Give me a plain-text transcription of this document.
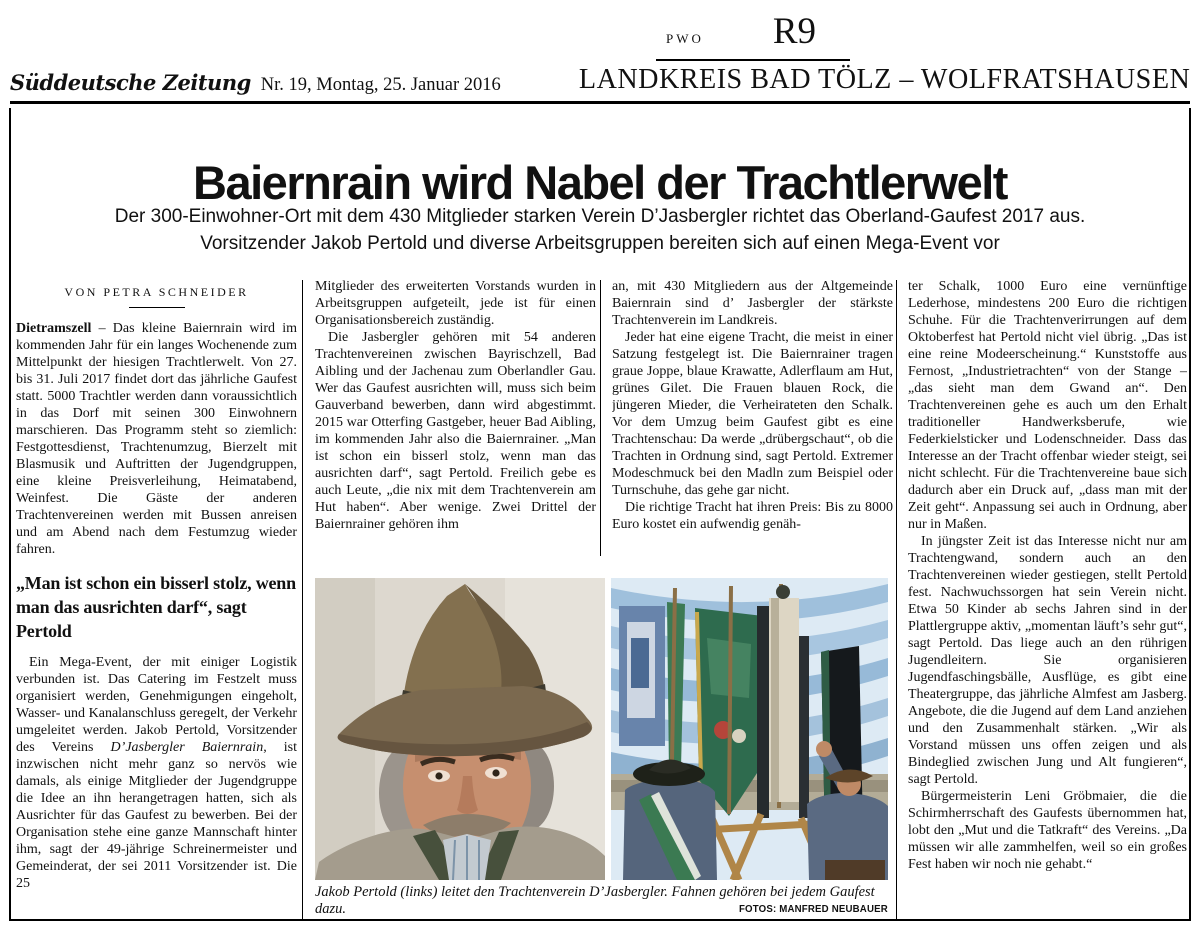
PWO R9
Süddeutsche Zeitung Nr. 19, Montag, 25. Januar 2016	LANDKREIS BAD TÖLZ – WOLFRATSHAUSEN
Baiernrain wird Nabel der Trachtlerwelt
Der 300-Einwohner-Ort mit dem 430 Mitglieder starken Verein D’Jasbergler richtet das Oberland-Gaufest 2017 aus.
Vorsitzender Jakob Pertold und diverse Arbeitsgruppen bereiten sich auf einen Mega-Event vor
VON PETRA SCHNEIDER

Dietramszell – Das kleine Baiernrain wird im kommenden Jahr für ein langes Wochenende zum Mittelpunkt der hiesigen Trachtlerwelt. Von 27. bis 31. Juli 2017 findet dort das jährliche Gaufest statt. 5000 Trachtler werden dann voraussichtlich in das Dorf mit seinen 300 Einwohnern marschieren. Das Programm steht so ziemlich: Festgottesdienst, Trachtenumzug, Bierzelt mit Blasmusik und Auftritten der Jugendgruppen, eine kleine Preisverleihung, Heimatabend, Weinfest. Die Gäste der anderen Trachtenvereinen werden mit Bussen anreisen und am Abend nach dem Festumzug wieder fahren.

„Man ist schon ein bisserl stolz, wenn man das ausrichten darf“, sagt Pertold

Ein Mega-Event, der mit einiger Logistik verbunden ist. Das Catering im Festzelt muss organisiert werden, Genehmigungen eingeholt, Wasser- und Kanalanschluss geregelt, der Verkehr umgeleitet werden. Jakob Pertold, Vorsitzender des Vereins D’Jasbergler Baiernrain, ist inzwischen nicht mehr ganz so nervös wie damals, als einige Mitglieder der Jugendgruppe die Idee an ihn herangetragen hatten, sich als Ausrichter für das Gaufest zu bewerben. Bei der Organisation stehe eine ganze Mannschaft hinter ihm, sagt der 49-jährige Schreinermeister und Gemeinderat, der sei 2011 Vorsitzender ist. Die 25

Mitglieder des erweiterten Vorstands wurden in Arbeitsgruppen aufgeteilt, jede ist für einen Organisationsbereich zuständig.

Die Jasbergler gehören mit 54 anderen Trachtenvereinen zwischen Bayrischzell, Bad Aibling und der Jachenau zum Oberlandler Gau. Wer das Gaufest ausrichten will, muss sich beim Gauverband bewerben, dann wird abgestimmt. 2015 war Otterfing Gastgeber, heuer Bad Aibling, im kommenden Jahr also die Baiernrainer. „Man ist schon ein bisserl stolz, wenn man das ausrichten darf“, sagt Pertold. Freilich gebe es auch Leute, „die nix mit dem Trachtenverein am Hut haben“. Aber wenige. Zwei Drittel der Baiernrainer gehören ihm

an, mit 430 Mitgliedern aus der Altgemeinde Baiernrain sind d’ Jasbergler der stärkste Trachtenverein im Landkreis.

Jeder hat eine eigene Tracht, die meist in einer Satzung festgelegt ist. Die Baiernrainer tragen graue Joppe, blaue Krawatte, Adlerflaum am Hut, grünes Gilet. Die Frauen blauen Rock, die jüngeren Mieder, die Verheirateten den Schalk. Vor dem Umzug beim Gaufest gibt es eine Trachtenschau: Da werde „drübergschaut“, ob die Trachten in Ordnung sind, sagt Pertold. Extremer Modeschmuck bei den Madln zum Beispiel oder Turnschuhe, das gehe gar nicht.

Die richtige Tracht hat ihren Preis: Bis zu 8000 Euro kostet ein aufwendig genäh-

ter Schalk, 1000 Euro eine vernünftige Lederhose, mindestens 200 Euro die richtigen Schuhe. Für die Trachtenverirrungen auf dem Oktoberfest hat Pertold nicht viel übrig. „Das ist eine reine Modeerscheinung.“ Kunststoffe aus Fernost, „Industrietrachten“ von der Stange – „das sieht man dem Gwand an“. Den Trachtenvereinen gehe es auch um den Erhalt traditioneller Handwerksberufe, wie Federkielsticker und Lodenschneider. Dass das Interesse an der Tracht offenbar wieder steigt, sei nicht schlecht. Für die Trachtenvereine baue sich dadurch aber ein Druck auf, „dass man mit der Zeit geht“. Anpassung sei auch in Ordnung, aber nur in Maßen.

In jüngster Zeit ist das Interesse nicht nur am Trachtengwand, sondern auch an den Trachtenvereinen wieder gestiegen, stellt Pertold fest. Nachwuchssorgen hat sein Verein nicht. Etwa 50 Kinder ab sechs Jahren sind in der Plattlergruppe aktiv, „momentan läuft’s sehr gut“, sagt Pertold. Das liege auch an den rührigen Jugendleitern. Sie organisieren Jugendfaschingsbälle, Ausflüge, es gibt eine Theatergruppe, das jährliche Almfest am Jasberg. Angebote, die die Jugend auf dem Land anziehen und den Zusammenhalt stärken. „Wir als Vorstand müssen uns offen zeigen und als Bindeglied zwischen Jung und Alt fungieren“, sagt Pertold.

Bürgermeisterin Leni Gröbmaier, die die Schirmherrschaft des Gaufests übernommen hat, lobt den „Mut und die Tatkraft“ des Vereins. „Da müssen wir alle zammhelfen, weil so ein großes Fest haben wir noch nie gehabt.“

Jakob Pertold (links) leitet den Trachtenverein D’Jasbergler. Fahnen gehören bei jedem Gaufest dazu.	FOTOS: MANFRED NEUBAUER
